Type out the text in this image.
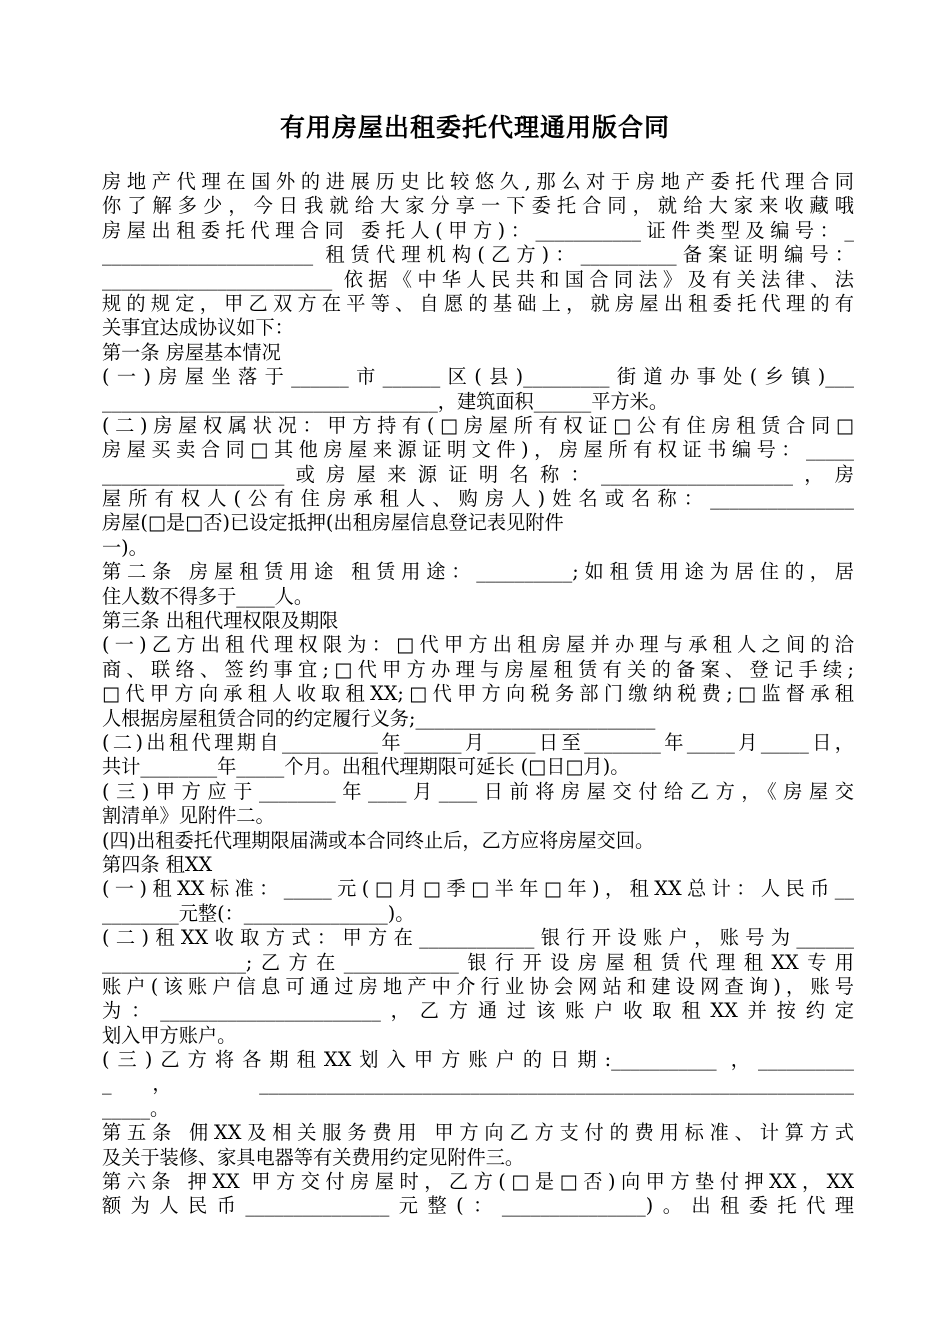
有用房屋出租委托代理通用版合同
房地产代理在国外的进展历史比较悠久,那么对于房地产委托代理合同
你了解多少，今日我就给大家分享一下委托合同，就给大家来收藏哦
房屋出租委托代理合同 委托人(甲方)：___________证件类型及编号：_
______________________ 租赁代理机构(乙方)：__________备案证明编号：
________________________ 依据《中华人民共和国合同法》及有关法律、法
规的规定，甲乙双方在平等、自愿的基础上，就房屋出租委托代理的有
关事宜达成协议如下：
第一条 房屋基本情况
(一)房屋坐落于______市______区(县)_________街道办事处(乡镇)___
___________________________________，建筑面积______平方米。
(二)房屋权属状况：甲方持有(□房屋所有权证□公有住房租赁合同□
房屋买卖合同□其他房屋来源证明文件)，房屋所有权证书编号：_____
___________________或房屋来源证明名称：____________________，房
屋所有权人(公有住房承租人、购房人)姓名或名称：_______________
房屋(□是□否)已设定抵押(出租房屋信息登记表见附件
一)。
第二条 房屋租赁用途 租赁用途：__________;如租赁用途为居住的，居
住人数不得多于____人。
第三条 出租代理权限及期限
(一)乙方出租代理权限为：□代甲方出租房屋并办理与承租人之间的洽
商、联络、签约事宜;□代甲方办理与房屋租赁有关的备案、登记手续;
□代甲方向承租人收取租XX;□代甲方向税务部门缴纳税费;□监督承租
人根据房屋租赁合同的约定履行义务;_________________________
(二)出租代理期自__________年______月_____日至________年_____月_____日，
共计________年_____个月。出租代理期限可延长 (□日□月)。
(三)甲方应于________年____月____日前将房屋交付给乙方，《房屋交
割清单》见附件二。
(四)出租委托代理期限届满或本合同终止后，乙方应将房屋交回。
第四条 租XX
(一)租XX标准：_____元(□月□季□半年□年)，租XX总计：人民币__
________元整(：_______________)。
(二)租XX收取方式：甲方在____________银行开设账户，账号为______
_______________;乙方在____________银行开设房屋租赁代理租XX专用
账户(该账户信息可通过房地产中介行业协会网站和建设网查询)，账号
为：_______________________，乙方通过该账户收取租XX并按约定
划入甲方账户。
(三)乙方将各期租XX划入甲方账户的日期:___________ ，__________
_， ______________________________________________________________
_____。
第五条 佣XX及相关服务费用 甲方向乙方支付的费用标准、计算方式
及关于装修、家具电器等有关费用约定见附件三。
第六条 押XX 甲方交付房屋时，乙方(□是□否)向甲方垫付押XX，XX
额为人民币_______________元整(：_______________)。出租委托代理
